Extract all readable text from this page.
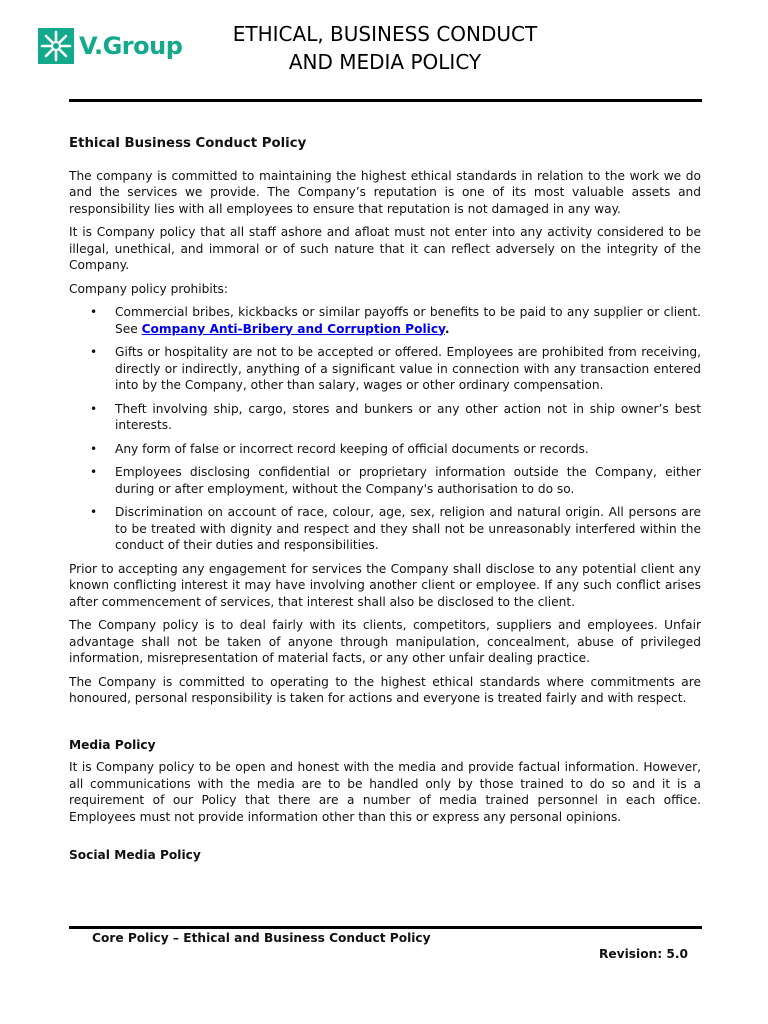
V.Group	ETHICAL, BUSINESS CONDUCT
AND MEDIA POLICY
Ethical Business Conduct Policy

The company is committed to maintaining the highest ethical standards in relation to the work we do and the services we provide. The Company’s reputation is one of its most valuable assets and responsibility lies with all employees to ensure that reputation is not damaged in any way.

It is Company policy that all staff ashore and afloat must not enter into any activity considered to be illegal, unethical, and immoral or of such nature that it can reflect adversely on the integrity of the Company.

Company policy prohibits:

• Commercial bribes, kickbacks or similar payoffs or benefits to be paid to any supplier or client. See Company Anti-Bribery and Corruption Policy.
• Gifts or hospitality are not to be accepted or offered. Employees are prohibited from receiving, directly or indirectly, anything of a significant value in connection with any transaction entered into by the Company, other than salary, wages or other ordinary compensation.
• Theft involving ship, cargo, stores and bunkers or any other action not in ship owner’s best interests.
• Any form of false or incorrect record keeping of official documents or records.
• Employees disclosing confidential or proprietary information outside the Company, either during or after employment, without the Company's authorisation to do so.
• Discrimination on account of race, colour, age, sex, religion and natural origin. All persons are to be treated with dignity and respect and they shall not be unreasonably interfered within the conduct of their duties and responsibilities.

Prior to accepting any engagement for services the Company shall disclose to any potential client any known conflicting interest it may have involving another client or employee. If any such conflict arises after commencement of services, that interest shall also be disclosed to the client.

The Company policy is to deal fairly with its clients, competitors, suppliers and employees. Unfair advantage shall not be taken of anyone through manipulation, concealment, abuse of privileged information, misrepresentation of material facts, or any other unfair dealing practice.

The Company is committed to operating to the highest ethical standards where commitments are honoured, personal responsibility is taken for actions and everyone is treated fairly and with respect.

Media Policy

It is Company policy to be open and honest with the media and provide factual information. However, all communications with the media are to be handled only by those trained to do so and it is a requirement of our Policy that there are a number of media trained personnel in each office. Employees must not provide information other than this or express any personal opinions.

Social Media Policy
Core Policy – Ethical and Business Conduct Policy
Revision: 5.0
